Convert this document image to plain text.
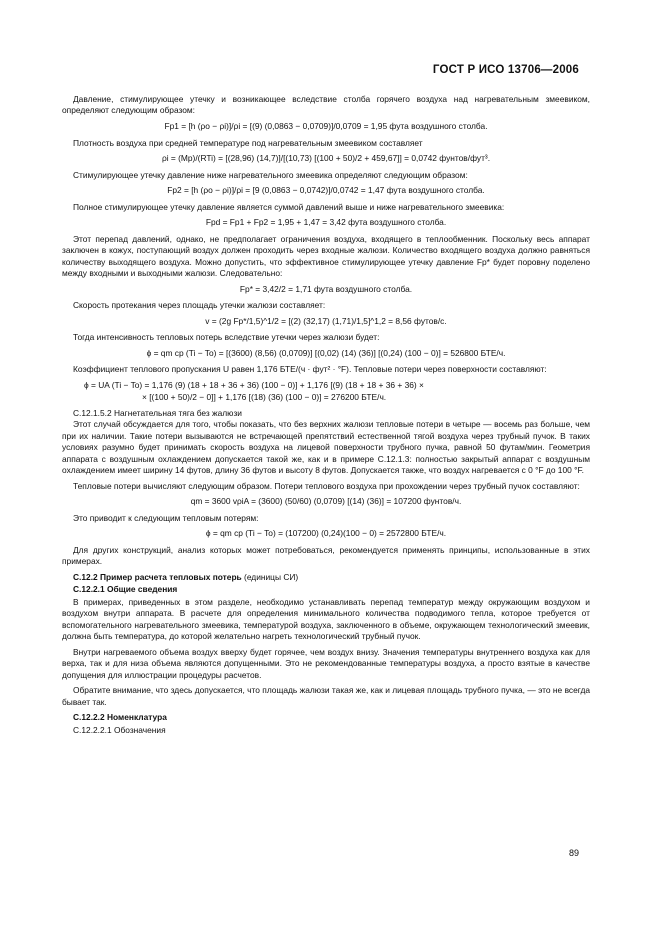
ГОСТ Р ИСО 13706—2006

Давление, стимулирующее утечку и возникающее вследствие столба горячего воздуха над нагревательным змеевиком, определяют следующим образом:

Fp1 = [h (ρo − ρi)]/ρi = [(9) (0,0863 − 0,0709)]/0,0709 = 1,95 фута воздушного столба.

Плотность воздуха при средней температуре под нагревательным змеевиком составляет

ρi = (Mp)/(RTi) = [(28,96) (14,7)]/[(10,73) [(100 + 50)/2 + 459,67]] = 0,0742 фунтов/фут³.

Стимулирующее утечку давление ниже нагревательного змеевика определяют следующим образом:

Fp2 = [h (ρo − ρi)]/ρi = [9 (0,0863 − 0,0742)]/0,0742 = 1,47 фута воздушного столба.

Полное стимулирующее утечку давление является суммой давлений выше и ниже нагревательного змеевика:

Fpd = Fp1 + Fp2 = 1,95 + 1,47 = 3,42 фута воздушного столба.

Этот перепад давлений, однако, не предполагает ограничения воздуха, входящего в теплообменник. Поскольку весь аппарат заключен в кожух, поступающий воздух должен проходить через входные жалюзи. Количество входящего воздуха должно равняться количеству выходящего воздуха. Можно допустить, что эффективное стимулирующее утечку давление Fp* будет поровну поделено между входными и выходными жалюзи. Следовательно:

Fp* = 3,42/2 = 1,71 фута воздушного столба.

Скорость протекания через площадь утечки жалюзи составляет:

v = (2g Fp*/1,5)^1/2 = [(2) (32,17) (1,71)/1,5]^1,2 = 8,56 футов/с.

Тогда интенсивность тепловых потерь вследствие утечки через жалюзи будет:

ϕ = qm cp (Ti − To) = [(3600) (8,56) (0,0709)] [(0,02) (14) (36)] [(0,24) (100 − 0)] = 526800 БТЕ/ч.

Коэффициент теплового пропускания U равен 1,176 БТЕ/(ч · фут² · °F). Тепловые потери через поверхности составляют:

ϕ = UA (Ti − To) = 1,176 (9) (18 + 18 + 36 + 36) (100 − 0)] + 1,176 [(9) (18 + 18 + 36 + 36) ×
× [(100 + 50)/2 − 0]] + 1,176 [(18) (36) (100 − 0)] = 276200 БТЕ/ч.

С.12.1.5.2 Нагнетательная тяга без жалюзи

Этот случай обсуждается для того, чтобы показать, что без верхних жалюзи тепловые потери в четыре — восемь раз больше, чем при их наличии. Такие потери вызываются не встречающей препятствий естественной тягой воздуха через трубный пучок. В таких условиях разумно будет принимать скорость воздуха на лицевой поверхности трубного пучка, равной 50 футам/мин. Геометрия аппарата с воздушным охлаждением допускается такой же, как и в примере С.12.1.3: полностью закрытый аппарат с воздушным охлаждением имеет ширину 14 футов, длину 36 футов и высоту 8 футов. Допускается также, что воздух нагревается с 0 °F до 100 °F.

Тепловые потери вычисляют следующим образом. Потери теплового воздуха при прохождении через трубный пучок составляют:

qm = 3600 vρiA = (3600) (50/60) (0,0709) [(14) (36)] = 107200 фунтов/ч.

Это приводит к следующим тепловым потерям:

ϕ = qm cp (Ti − To) = (107200) (0,24)(100 − 0) = 2572800 БТЕ/ч.

Для других конструкций, анализ которых может потребоваться, рекомендуется применять принципы, использованные в этих примерах.

С.12.2 Пример расчета тепловых потерь (единицы СИ)

С.12.2.1 Общие сведения

В примерах, приведенных в этом разделе, необходимо устанавливать перепад температур между окружающим воздухом и воздухом внутри аппарата. В расчете для определения минимального количества подводимого тепла, которое требуется от вспомогательного нагревательного змеевика, температурой воздуха, заключенного в объеме, окружающем технологический змеевик, должна быть температура, до которой желательно нагреть технологический трубный пучок.

Внутри нагреваемого объема воздух вверху будет горячее, чем воздух внизу. Значения температуры внутреннего воздуха как для верха, так и для низа объема являются допущенными. Это не рекомендованные температуры воздуха, а просто взятые в качестве допущения для иллюстрации процедуры расчетов.

Обратите внимание, что здесь допускается, что площадь жалюзи такая же, как и лицевая площадь трубного пучка, — это не всегда бывает так.

С.12.2.2 Номенклатура

С.12.2.2.1 Обозначения

89
